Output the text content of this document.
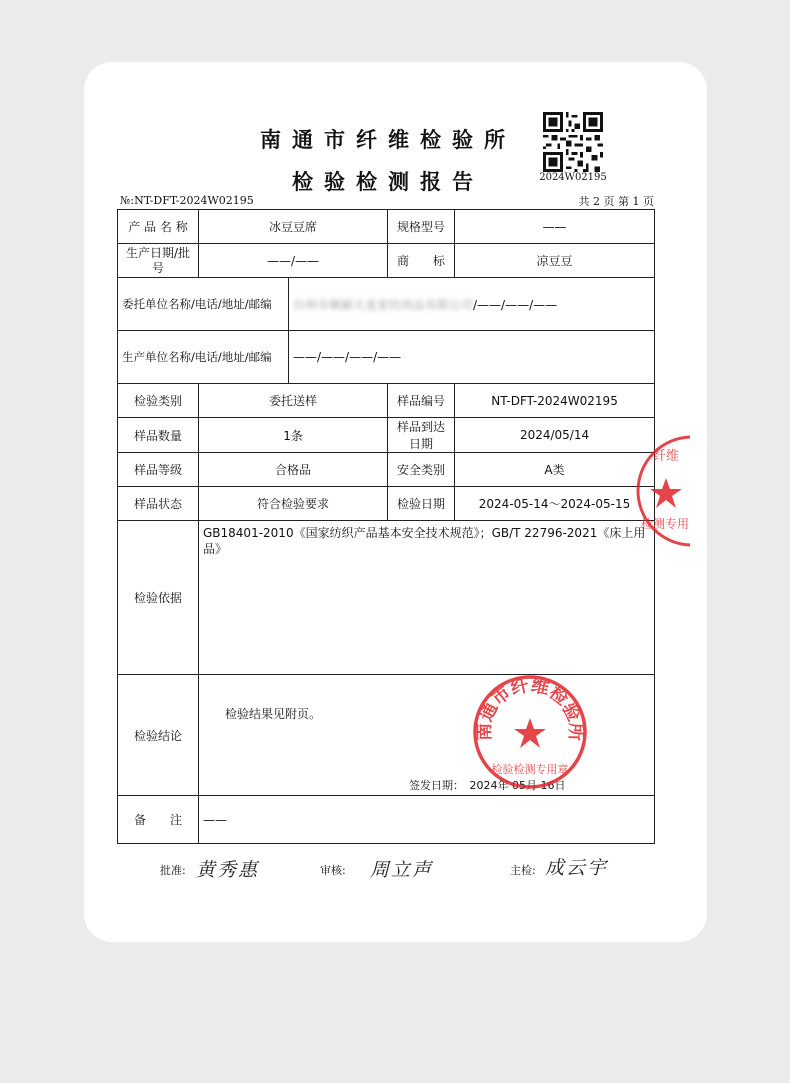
南通市纤维检验所
检验检测报告	2024W02195
№:NT-DFT-2024W02195	共 2 页 第 1 页
产 品 名 称	冰豆豆席		规格型号	——
生产日期/批号	——/——		商　　标	凉豆豆
委托单位名称/电话/地址/邮编		台州市佩颖天麦家纺用品有限公司/——/——/——		
生产单位名称/电话/地址/邮编		——/——/——/——		
检验类别	委托送样		样品编号	NT-DFT-2024W02195
样品数量	1条		样品到达日期	2024/05/14
样品等级	合格品		安全类别	A类
样品状态	符合检验要求		检验日期	2024-05-14～2024-05-15
检验依据	GB18401-2010《国家纺织产品基本安全技术规范》；GB/T 22796-2021《床上用品》			
检验结论	检验结果见附页。
签发日期：　2024年 05月 16日			

备　　注	——			
批准: 黄秀惠	审核: 周立声	主检: 成云宇
南通市纤维检验所
检验检测专用章
纤维
检测专用
